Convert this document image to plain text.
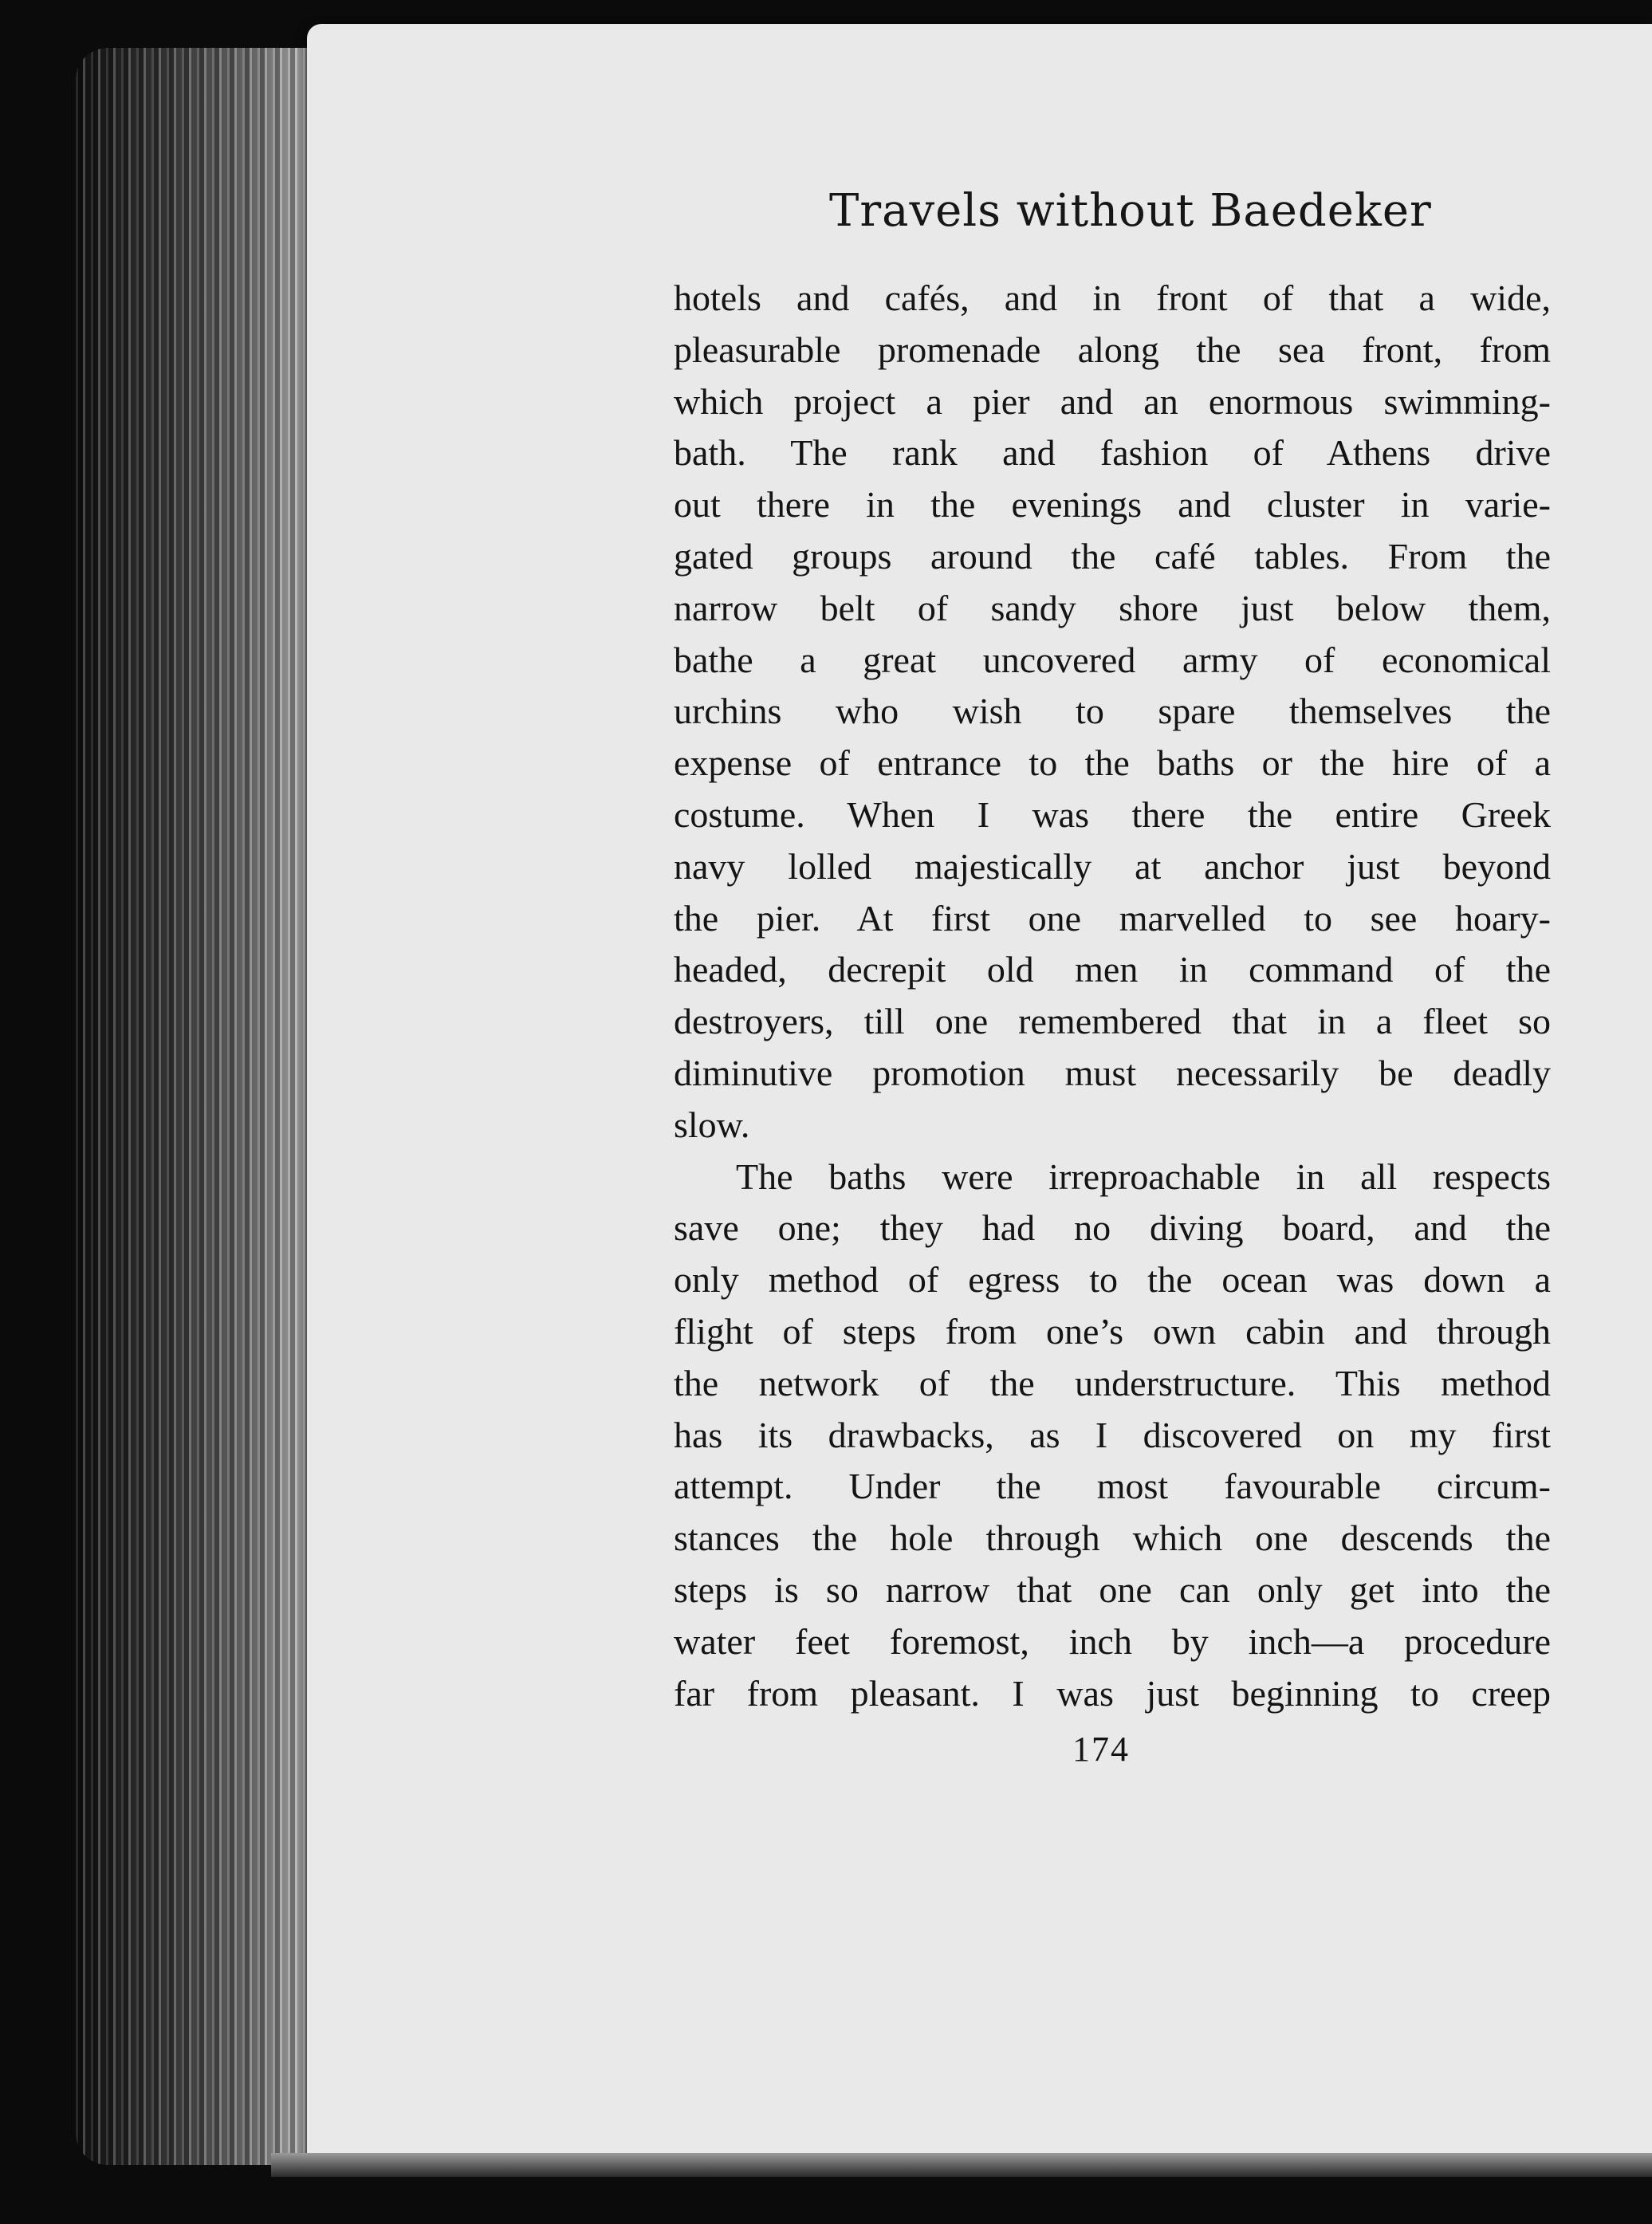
Travels without Baedeker
hotels and cafés, and in front of that a wide,
pleasurable promenade along the sea front, from
which project a pier and an enormous swimming-
bath. The rank and fashion of Athens drive
out there in the evenings and cluster in varie-
gated groups around the café tables. From the
narrow belt of sandy shore just below them,
bathe a great uncovered army of economical
urchins who wish to spare themselves the
expense of entrance to the baths or the hire of a
costume. When I was there the entire Greek
navy lolled majestically at anchor just beyond
the pier. At first one marvelled to see hoary-
headed, decrepit old men in command of the
destroyers, till one remembered that in a fleet so
diminutive promotion must necessarily be deadly
slow.
The baths were irreproachable in all respects
save one; they had no diving board, and the
only method of egress to the ocean was down a
flight of steps from one’s own cabin and through
the network of the understructure. This method
has its drawbacks, as I discovered on my first
attempt. Under the most favourable circum-
stances the hole through which one descends the
steps is so narrow that one can only get into the
water feet foremost, inch by inch—a procedure
far from pleasant. I was just beginning to creep
174
